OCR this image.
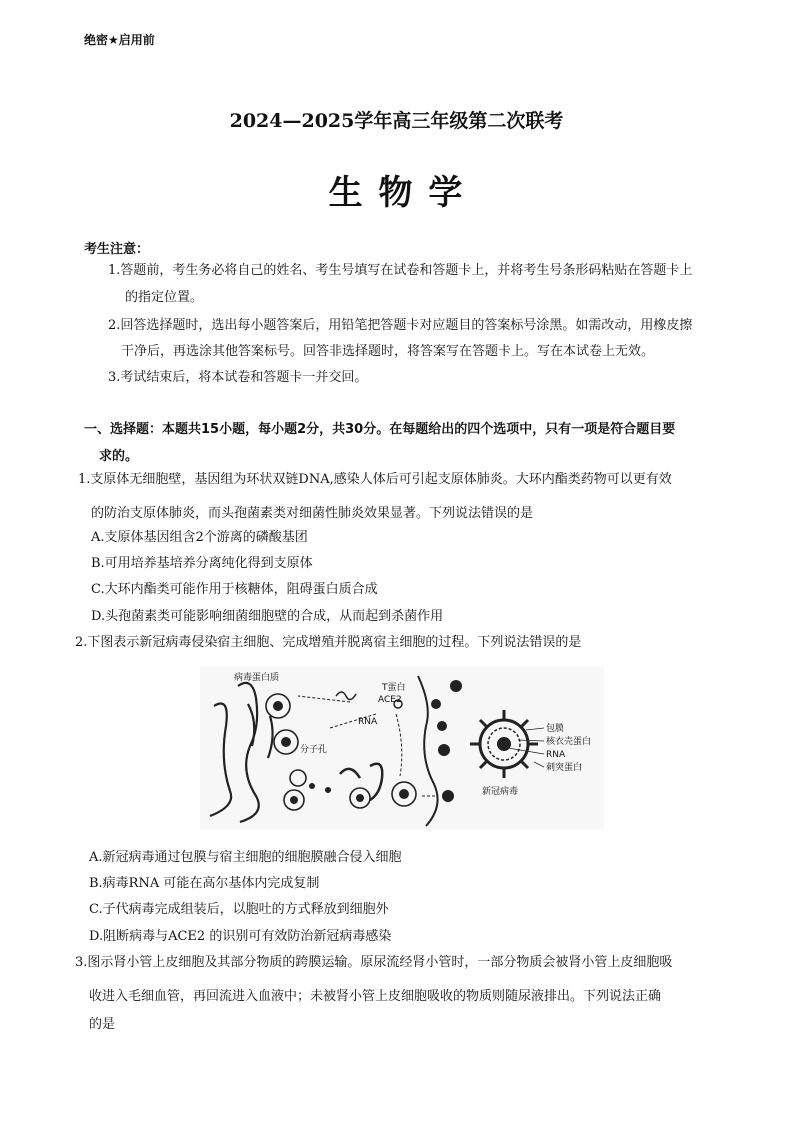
绝密★启用前
2024—2025学年高三年级第二次联考
生 物 学
考生注意：
1.答题前，考生务必将自己的姓名、考生号填写在试卷和答题卡上，并将考生号条形码粘贴在答题卡上
的指定位置。
2.回答选择题时，选出每小题答案后，用铅笔把答题卡对应题目的答案标号涂黑。如需改动，用橡皮擦
干净后，再选涂其他答案标号。回答非选择题时，将答案写在答题卡上。写在本试卷上无效。
3.考试结束后，将本试卷和答题卡一并交回。
一、选择题：本题共15小题，每小题2分，共30分。在每题给出的四个选项中，只有一项是符合题目要
求的。
1.支原体无细胞壁，基因组为环状双链DNA,感染人体后可引起支原体肺炎。大环内酯类药物可以更有效
的防治支原体肺炎，而头孢菌素类对细菌性肺炎效果显著。下列说法错误的是
A.支原体基因组含2个游离的磷酸基团
B.可用培养基培养分离纯化得到支原体
C.大环内酯类可能作用于核糖体，阻碍蛋白质合成
D.头孢菌素类可能影响细菌细胞壁的合成，从而起到杀菌作用
2.下图表示新冠病毒侵染宿主细胞、完成增殖并脱离宿主细胞的过程。下列说法错误的是
病毒蛋白质
T蛋白
ACE2
RNA
分子孔
包膜
核衣壳蛋白
RNA
刺突蛋白
新冠病毒
A.新冠病毒通过包膜与宿主细胞的细胞膜融合侵入细胞
B.病毒RNA 可能在高尔基体内完成复制
C.子代病毒完成组装后，以胞吐的方式释放到细胞外
D.阻断病毒与ACE2 的识别可有效防治新冠病毒感染
3.图示肾小管上皮细胞及其部分物质的跨膜运输。原尿流经肾小管时，一部分物质会被肾小管上皮细胞吸
收进入毛细血管，再回流进入血液中；未被肾小管上皮细胞吸收的物质则随尿液排出。下列说法正确
的是
